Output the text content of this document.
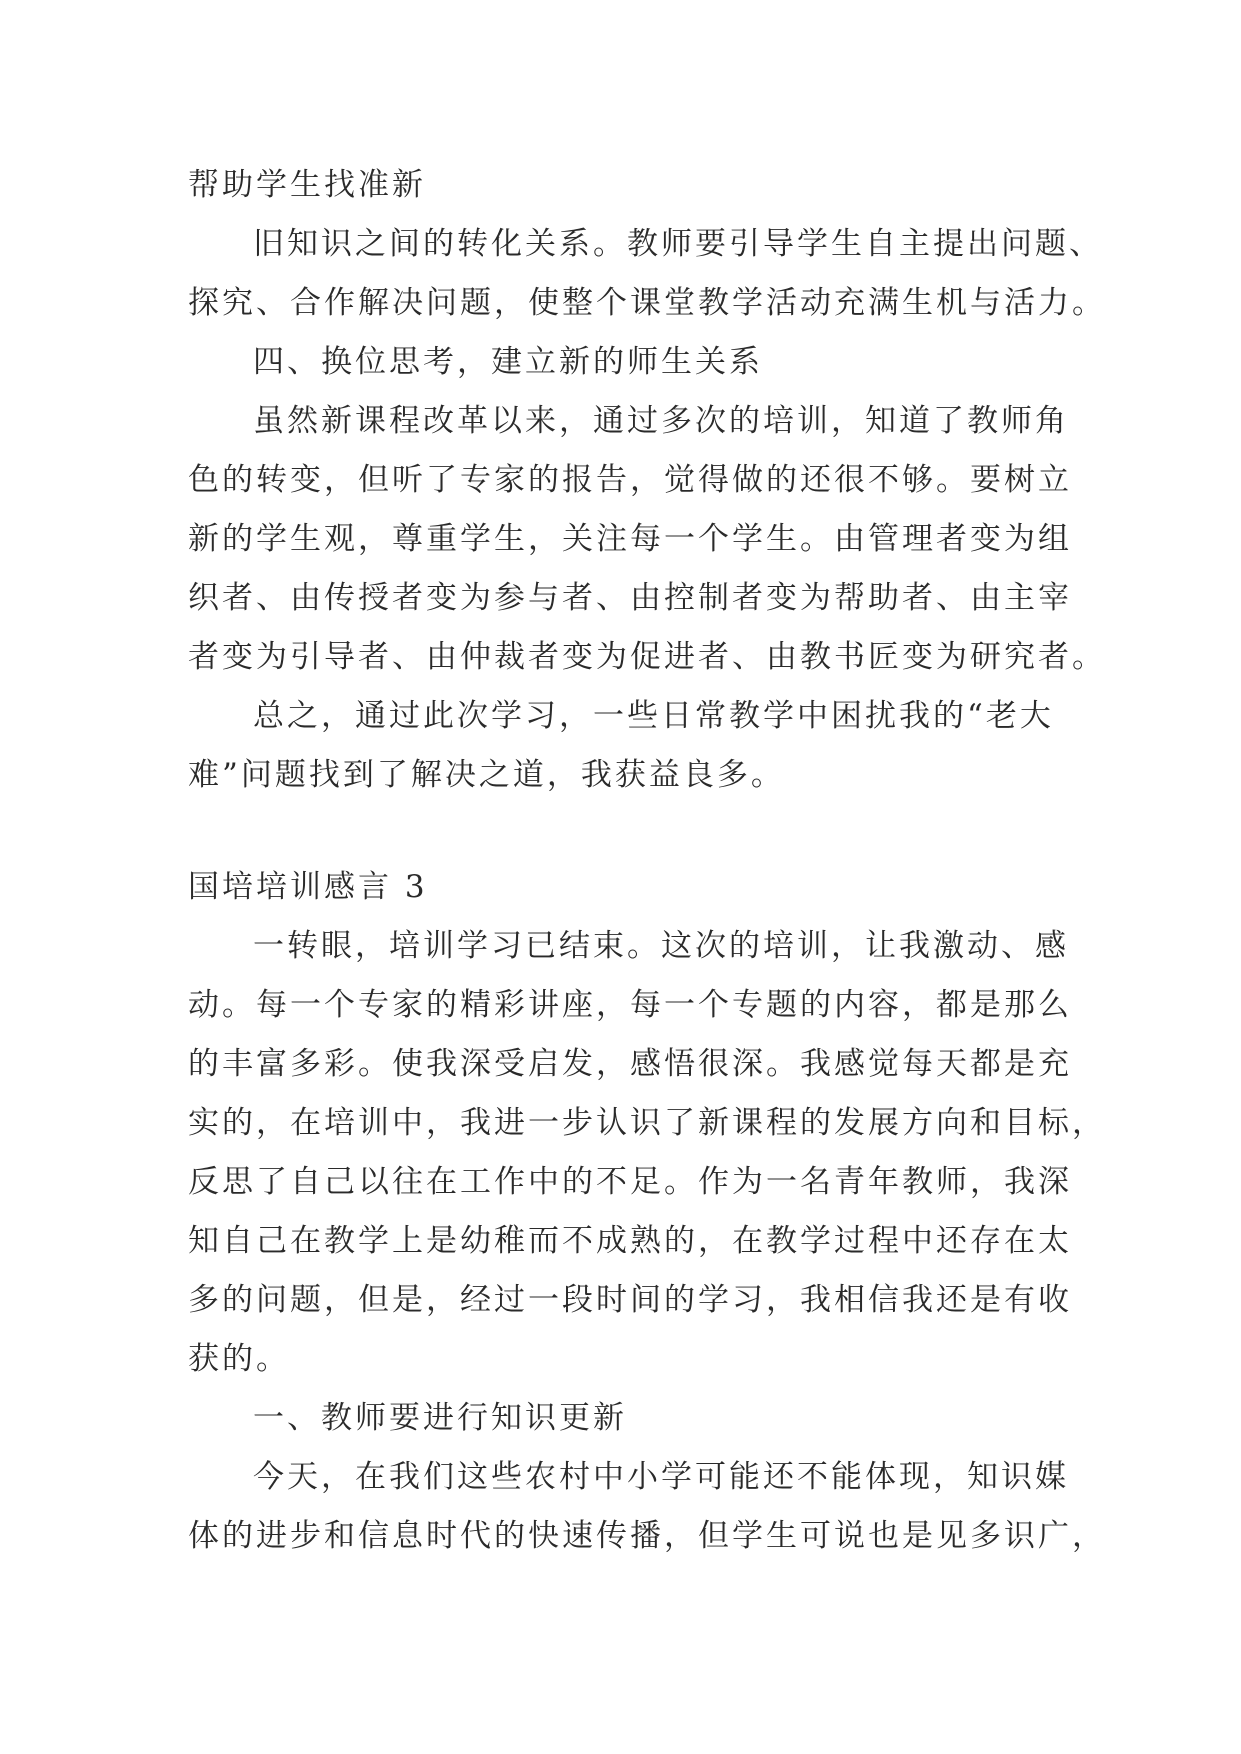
帮助学生找准新
旧知识之间的转化关系。教师要引导学生自主提出问题、
探究、合作解决问题，使整个课堂教学活动充满生机与活力。
四、换位思考，建立新的师生关系
虽然新课程改革以来，通过多次的培训，知道了教师角
色的转变，但听了专家的报告，觉得做的还很不够。要树立
新的学生观，尊重学生，关注每一个学生。由管理者变为组
织者、由传授者变为参与者、由控制者变为帮助者、由主宰
者变为引导者、由仲裁者变为促进者、由教书匠变为研究者。
总之，通过此次学习，一些日常教学中困扰我的“老大
难”问题找到了解决之道，我获益良多。
国培培训感言 3
一转眼，培训学习已结束。这次的培训，让我激动、感
动。每一个专家的精彩讲座，每一个专题的内容，都是那么
的丰富多彩。使我深受启发，感悟很深。我感觉每天都是充
实的，在培训中，我进一步认识了新课程的发展方向和目标，
反思了自己以往在工作中的不足。作为一名青年教师，我深
知自己在教学上是幼稚而不成熟的，在教学过程中还存在太
多的问题，但是，经过一段时间的学习，我相信我还是有收
获的。
一、教师要进行知识更新
今天，在我们这些农村中小学可能还不能体现，知识媒
体的进步和信息时代的快速传播，但学生可说也是见多识广，
